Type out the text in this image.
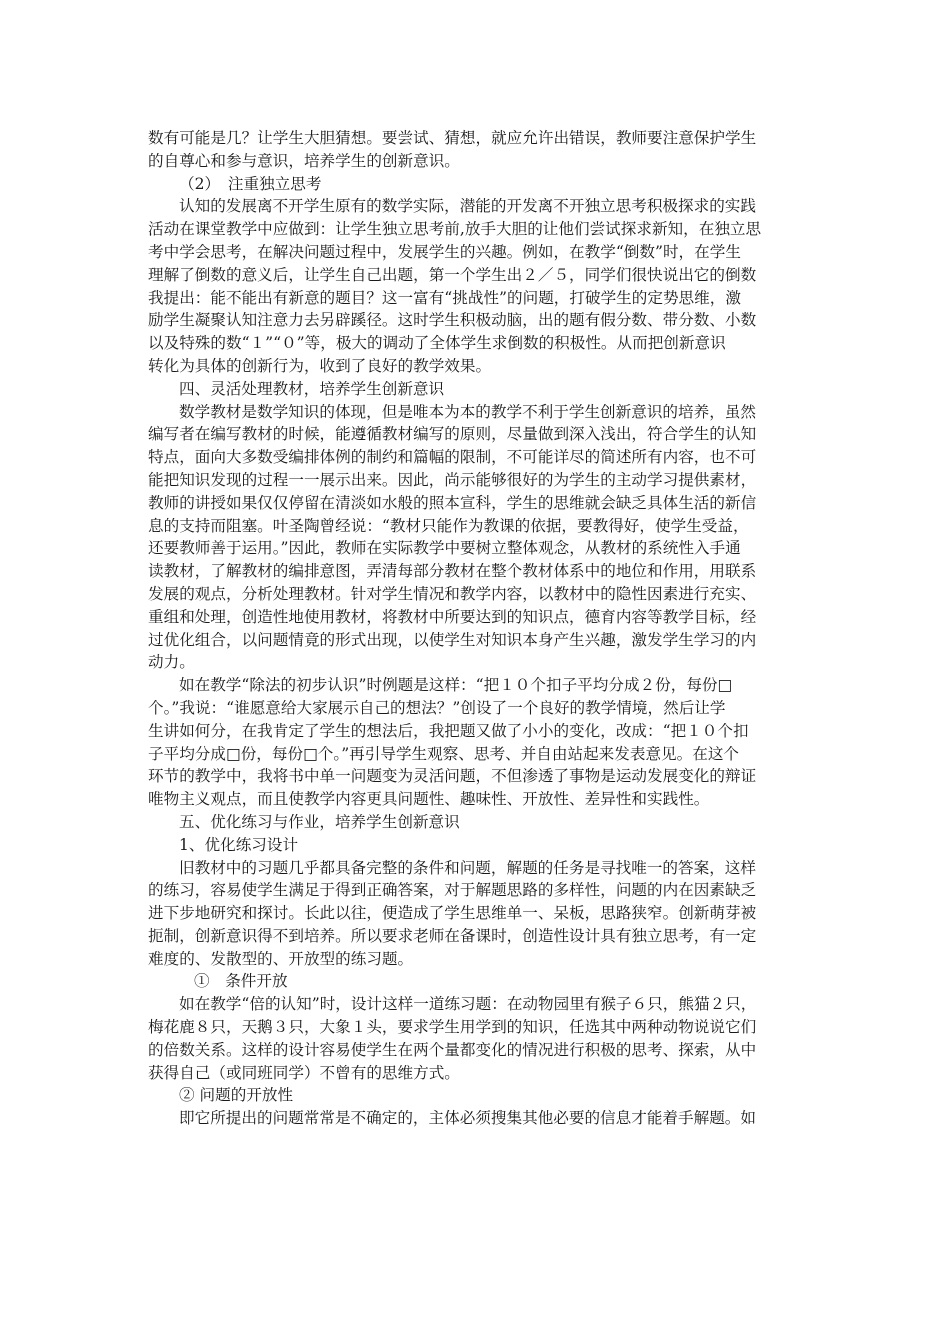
数有可能是几？让学生大胆猜想。要尝试、猜想，就应允许出错误，教师要注意保护学生
的自尊心和参与意识，培养学生的创新意识。
（2）　注重独立思考
认知的发展离不开学生原有的数学实际，潜能的开发离不开独立思考积极探求的实践
活动在课堂教学中应做到：让学生独立思考前,放手大胆的让他们尝试探求新知，在独立思
考中学会思考，在解决问题过程中，发展学生的兴趣。例如，在教学“倒数”时，在学生
理解了倒数的意义后，让学生自己出题，第一个学生出２／５，同学们很快说出它的倒数
我提出：能不能出有新意的题目？这一富有“挑战性”的问题，打破学生的定势思维，激
励学生凝聚认知注意力去另辟蹊径。这时学生积极动脑，出的题有假分数、带分数、小数
以及特殊的数“１”“０”等，极大的调动了全体学生求倒数的积极性。从而把创新意识
转化为具体的创新行为，收到了良好的教学效果。
四、灵活处理教材，培养学生创新意识
数学教材是数学知识的体现，但是唯本为本的教学不利于学生创新意识的培养，虽然
编写者在编写教材的时候，能遵循教材编写的原则，尽量做到深入浅出，符合学生的认知
特点，面向大多数受编排体例的制约和篇幅的限制，不可能详尽的简述所有内容，也不可
能把知识发现的过程一一展示出来。因此，尚示能够很好的为学生的主动学习提供素材，
教师的讲授如果仅仅停留在清淡如水般的照本宣科，学生的思维就会缺乏具体生活的新信
息的支持而阻塞。叶圣陶曾经说：“教材只能作为教课的依据，要教得好，使学生受益，
还要教师善于运用。”因此，教师在实际教学中要树立整体观念，从教材的系统性入手通
读教材，了解教材的编排意图，弄清每部分教材在整个教材体系中的地位和作用，用联系
发展的观点，分析处理教材。针对学生情况和教学内容，以教材中的隐性因素进行充实、
重组和处理，创造性地使用教材，将教材中所要达到的知识点，德育内容等教学目标，经
过优化组合，以问题情竟的形式出现，以使学生对知识本身产生兴趣，激发学生学习的内
动力。
如在教学“除法的初步认识”时例题是这样：“把１０个扣子平均分成２份，每份□
个。”我说：“谁愿意给大家展示自己的想法？”创设了一个良好的教学情境，然后让学
生讲如何分，在我肯定了学生的想法后，我把题又做了小小的变化，改成：“把１０个扣
子平均分成□份，每份□个。”再引导学生观察、思考、并自由站起来发表意见。在这个
环节的教学中，我将书中单一问题变为灵活问题，不但渗透了事物是运动发展变化的辩证
唯物主义观点，而且使教学内容更具问题性、趣味性、开放性、差异性和实践性。
五、优化练习与作业，培养学生创新意识
1、优化练习设计
旧教材中的习题几乎都具备完整的条件和问题，解题的任务是寻找唯一的答案，这样
的练习，容易使学生满足于得到正确答案，对于解题思路的多样性，问题的内在因素缺乏
进下步地研究和探讨。长此以往，便造成了学生思维单一、呆板，思路狭窄。创新萌芽被
扼制，创新意识得不到培养。所以要求老师在备课时，创造性设计具有独立思考，有一定
难度的、发散型的、开放型的练习题。
①　条件开放
如在教学“倍的认知”时，设计这样一道练习题：在动物园里有猴子６只，熊猫２只，
梅花鹿８只，天鹅３只，大象１头，要求学生用学到的知识，任选其中两种动物说说它们
的倍数关系。这样的设计容易使学生在两个量都变化的情况进行积极的思考、探索，从中
获得自己（或同班同学）不曾有的思维方式。
② 问题的开放性
即它所提出的问题常常是不确定的，主体必须搜集其他必要的信息才能着手解题。如
